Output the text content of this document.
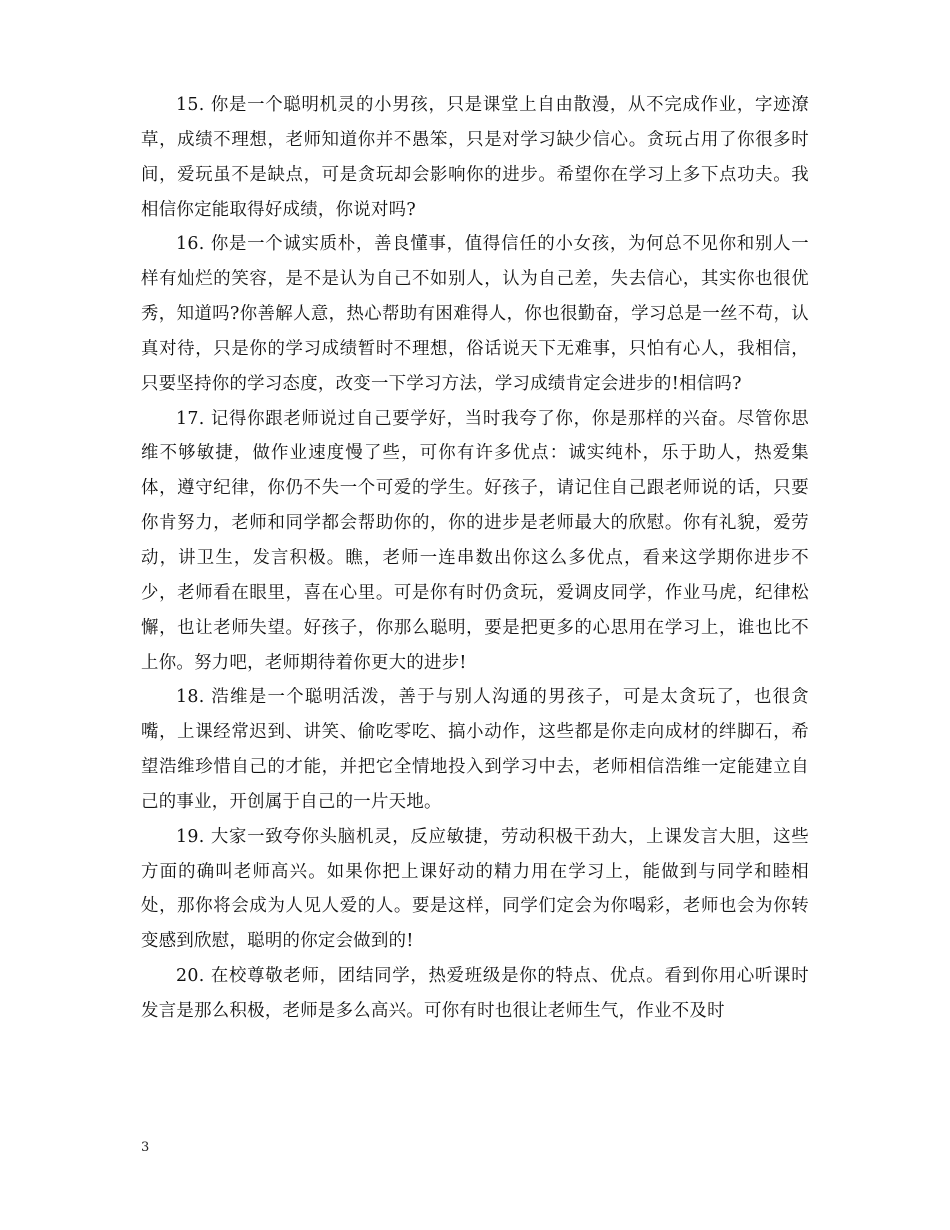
15. 你是一个聪明机灵的小男孩，只是课堂上自由散漫，从不完成作业，字迹潦草，成绩不理想，老师知道你并不愚笨，只是对学习缺少信心。贪玩占用了你很多时间，爱玩虽不是缺点，可是贪玩却会影响你的进步。希望你在学习上多下点功夫。我相信你定能取得好成绩，你说对吗?

16. 你是一个诚实质朴，善良懂事，值得信任的小女孩，为何总不见你和别人一样有灿烂的笑容，是不是认为自己不如别人，认为自己差，失去信心，其实你也很优秀，知道吗?你善解人意，热心帮助有困难得人，你也很勤奋，学习总是一丝不苟，认真对待，只是你的学习成绩暂时不理想，俗话说天下无难事，只怕有心人，我相信，只要坚持你的学习态度，改变一下学习方法，学习成绩肯定会进步的!相信吗?

17. 记得你跟老师说过自己要学好，当时我夸了你，你是那样的兴奋。尽管你思维不够敏捷，做作业速度慢了些，可你有许多优点：诚实纯朴，乐于助人，热爱集体，遵守纪律，你仍不失一个可爱的学生。好孩子，请记住自己跟老师说的话，只要你肯努力，老师和同学都会帮助你的，你的进步是老师最大的欣慰。你有礼貌，爱劳动，讲卫生，发言积极。瞧，老师一连串数出你这么多优点，看来这学期你进步不少，老师看在眼里，喜在心里。可是你有时仍贪玩，爱调皮同学，作业马虎，纪律松懈，也让老师失望。好孩子，你那么聪明，要是把更多的心思用在学习上，谁也比不上你。努力吧，老师期待着你更大的进步!

18. 浩维是一个聪明活泼，善于与别人沟通的男孩子，可是太贪玩了，也很贪嘴，上课经常迟到、讲笑、偷吃零吃、搞小动作，这些都是你走向成材的绊脚石，希望浩维珍惜自己的才能，并把它全情地投入到学习中去，老师相信浩维一定能建立自己的事业，开创属于自己的一片天地。

19. 大家一致夸你头脑机灵，反应敏捷，劳动积极干劲大，上课发言大胆，这些方面的确叫老师高兴。如果你把上课好动的精力用在学习上，能做到与同学和睦相处，那你将会成为人见人爱的人。要是这样，同学们定会为你喝彩，老师也会为你转变感到欣慰，聪明的你定会做到的!

20. 在校尊敬老师，团结同学，热爱班级是你的特点、优点。看到你用心听课时发言是那么积极，老师是多么高兴。可你有时也很让老师生气，作业不及时

3
